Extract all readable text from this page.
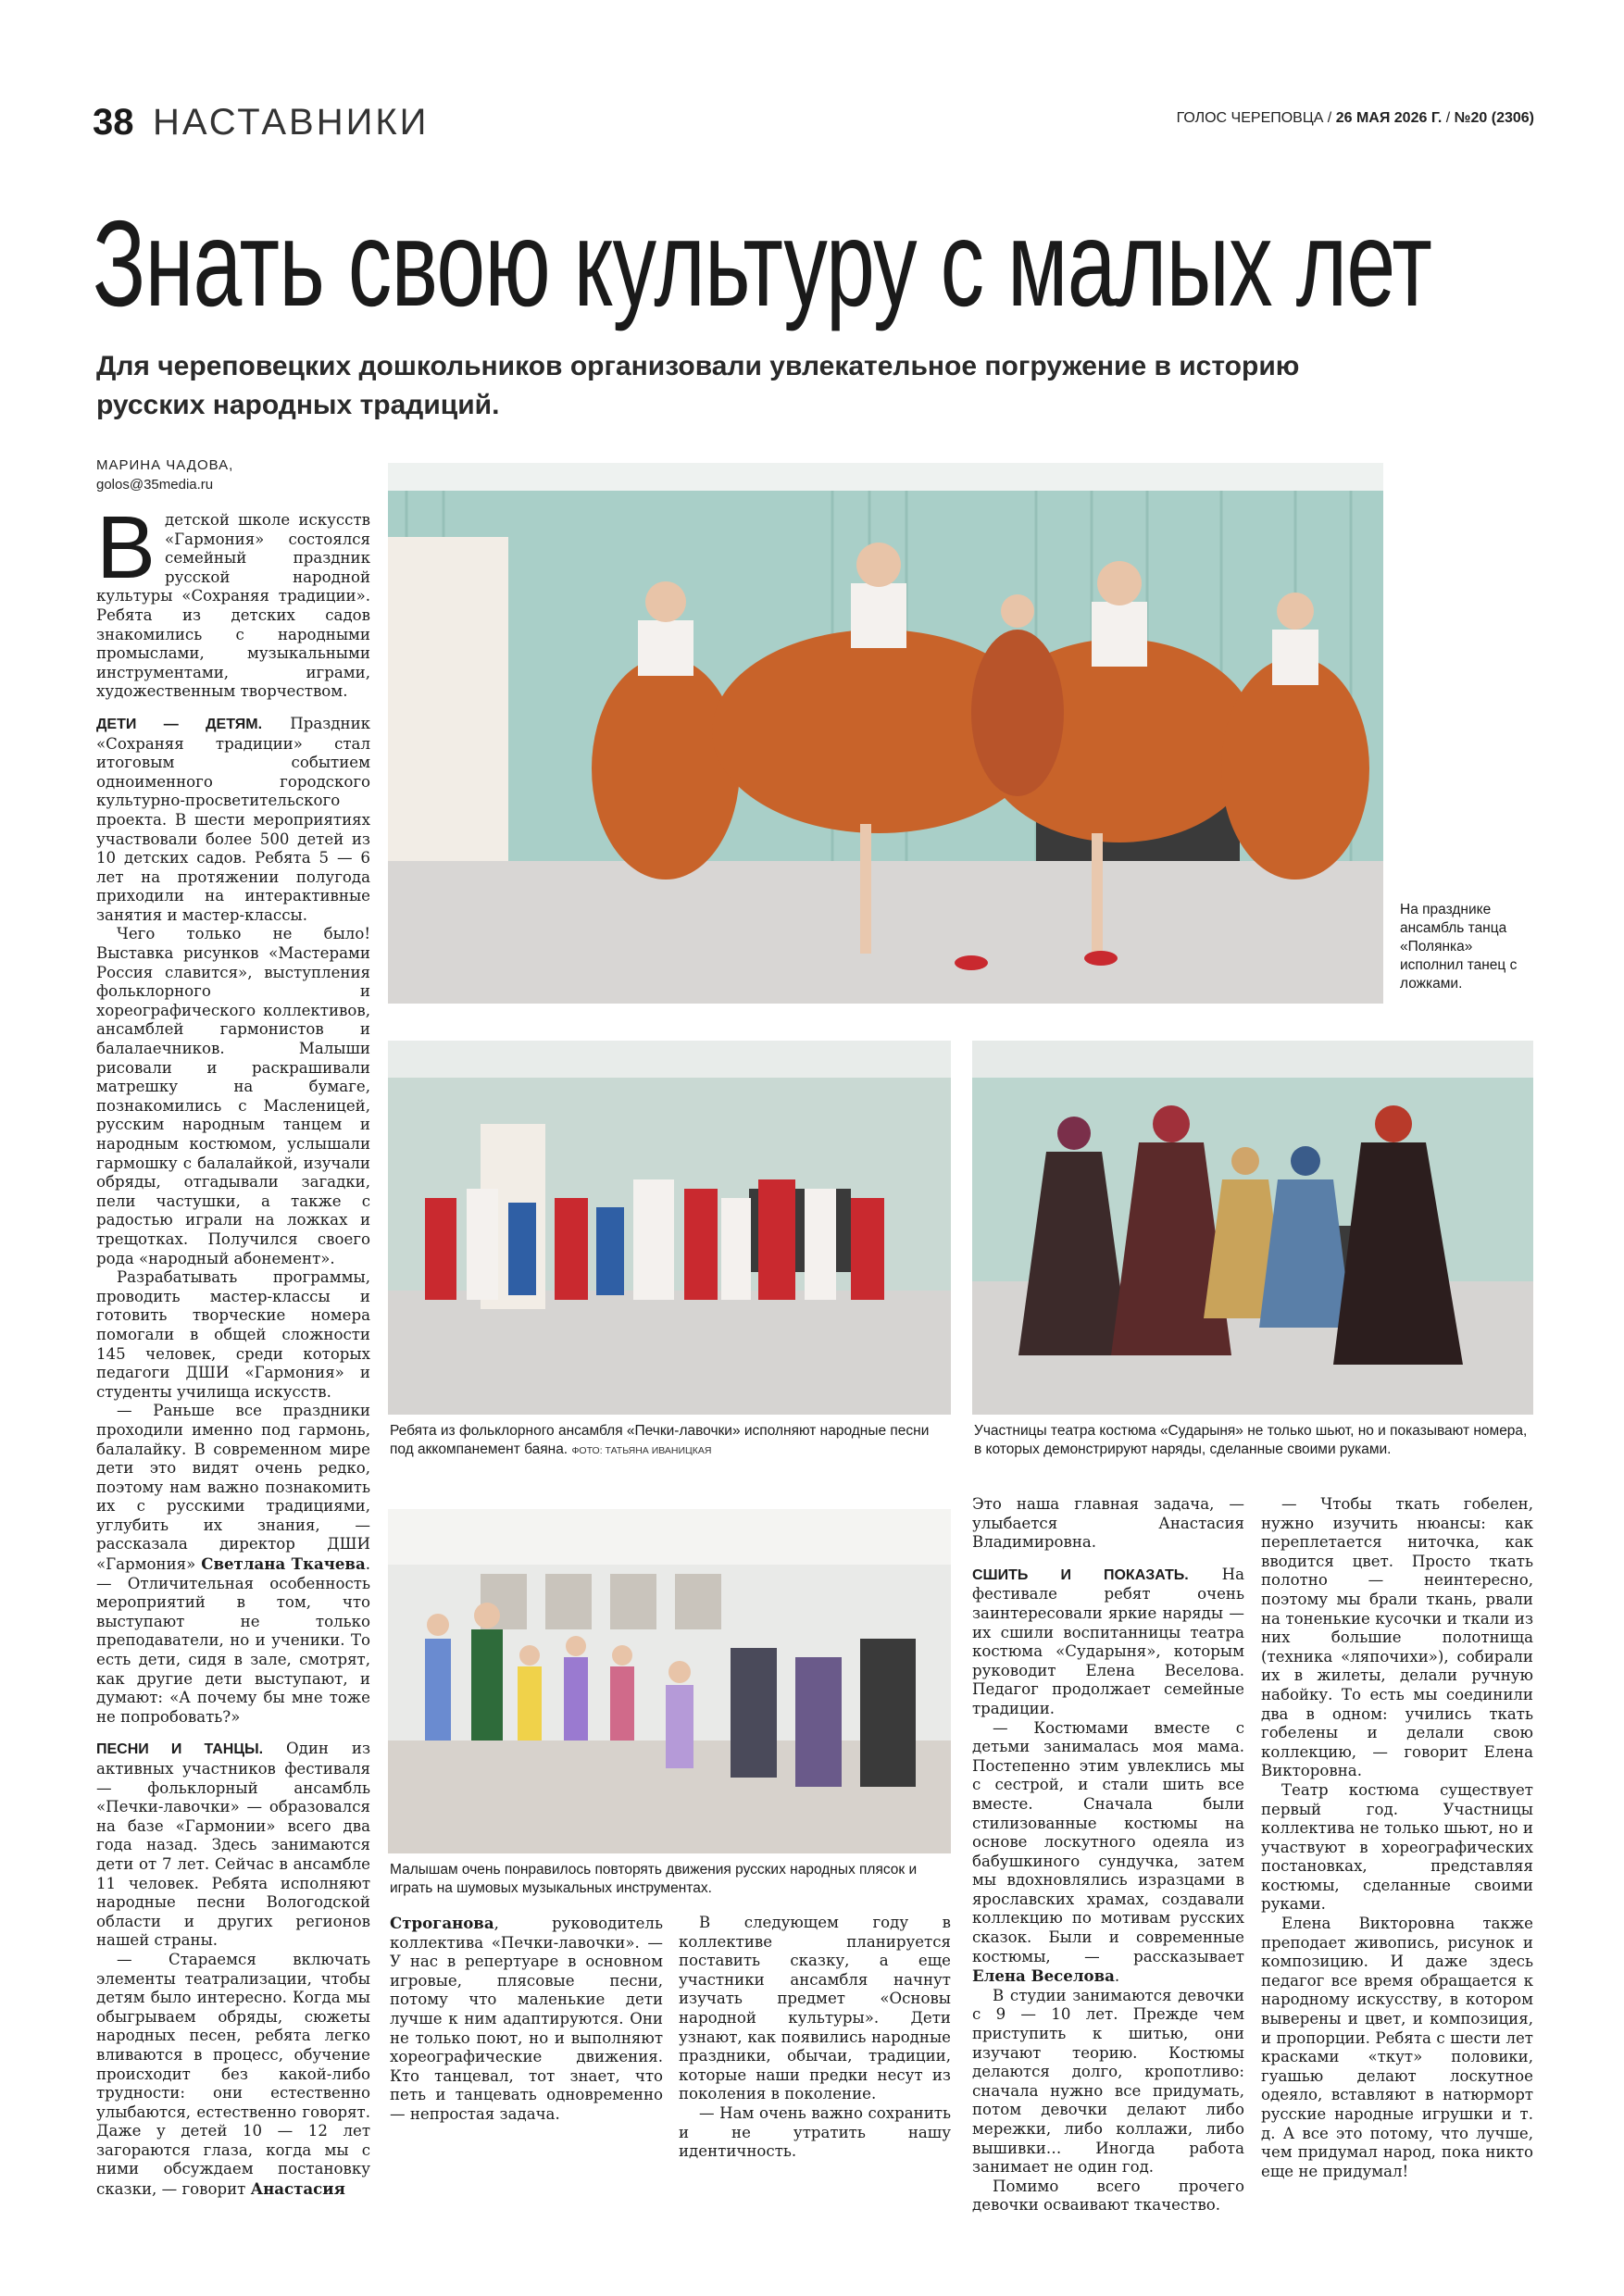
38 НАСТАВНИКИ	ГОЛОС ЧЕРЕПОВЦА / 26 МАЯ 2026 Г. / №20 (2306)
Знать свою культуру с малых лет
Для череповецких дошкольников организовали увлекательное погружение в историю русских народных традиций.
МАРИНА ЧАДОВА,
golos@35media.ru
В детской школе искусств «Гармония» состоялся семейный праздник русской народной культуры «Сохраняя традиции». Ребята из детских садов знакомились с народными промыслами, музыкальными инструментами, играми, художественным творчеством.

ДЕТИ — ДЕТЯМ. Праздник «Сохраняя традиции» стал итоговым событием одноименного городского культурно-просветительского проекта. В шести мероприятиях участвовали более 500 детей из 10 детских садов. Ребята 5 — 6 лет на протяжении полугода приходили на интерактивные занятия и мастер-классы.

Чего только не было! Выставка рисунков «Мастерами Россия славится», выступления фольклорного и хореографического коллективов, ансамблей гармонистов и балалаечников. Малыши рисовали и раскрашивали матрешку на бумаге, познакомились с Масленицей, русским народным танцем и народным костюмом, услышали гармошку с балалайкой, изучали обряды, отгадывали загадки, пели частушки, а также с радостью играли на ложках и трещотках. Получился своего рода «народный абонемент».

Разрабатывать программы, проводить мастер-классы и готовить творческие номера помогали в общей сложности 145 человек, среди которых педагоги ДШИ «Гармония» и студенты училища искусств.

— Раньше все праздники проходили именно под гармонь, балалайку. В современном мире дети это видят очень редко, поэтому нам важно познакомить их с русскими традициями, углубить их знания, — рассказала директор ДШИ «Гармония» Светлана Ткачева. — Отличительная особенность мероприятий в том, что выступают не только преподаватели, но и ученики. То есть дети, сидя в зале, смотрят, как другие дети выступают, и думают: «А почему бы мне тоже не попробовать?»

ПЕСНИ И ТАНЦЫ. Один из активных участников фестиваля — фольклорный ансамбль «Печки-лавочки» — образовался на базе «Гармонии» всего два года назад. Здесь занимаются дети от 7 лет. Сейчас в ансамбле 11 человек. Ребята исполняют народные песни Вологодской области и других регионов нашей страны.

— Стараемся включать элементы театрализации, чтобы детям было интересно. Когда мы обыгрываем обряды, сюжеты народных песен, ребята легко вливаются в процесс, обучение происходит без какой-либо трудности: они естественно улыбаются, естественно говорят. Даже у детей 10 — 12 лет загораются глаза, когда мы с ними обсуждаем постановку сказки, — говорит Анастасия

На празднике ансамбль танца «Полянка» исполнил танец с ложками.
Ребята из фольклорного ансамбля «Печки-лавочки» исполняют народные песни под аккомпанемент баяна. ФОТО: ТАТЬЯНА ИВАНИЦКАЯ
Участницы театра костюма «Сударыня» не только шьют, но и показывают номера, в которых демонстрируют наряды, сделанные своими руками.
Малышам очень понравилось повторять движения русских народных плясок и играть на шумовых музыкальных инструментах.

Строганова, руководитель коллектива «Печки-лавочки». — У нас в репертуаре в основном игровые, плясовые песни, потому что маленькие дети лучше к ним адаптируются. Они не только поют, но и выполняют хореографические движения. Кто танцевал, тот знает, что петь и танцевать одновременно — непростая задача.

В следующем году в коллективе планируется поставить сказку, а еще участники ансамбля начнут изучать предмет «Основы народной культуры». Дети узнают, как появились народные праздники, обычаи, традиции, которые наши предки несут из поколения в поколение.

— Нам очень важно сохранить и не утратить нашу идентичность.

Это наша главная задача, — улыбается Анастасия Владимировна.

СШИТЬ И ПОКАЗАТЬ. На фестивале ребят очень заинтересовали яркие наряды — их сшили воспитанницы театра костюма «Сударыня», которым руководит Елена Веселова. Педагог продолжает семейные традиции.

— Костюмами вместе с детьми занималась моя мама. Постепенно этим увлеклись мы с сестрой, и стали шить все вместе. Сначала были стилизованные костюмы на основе лоскутного одеяла из бабушкиного сундучка, затем мы вдохновлялись изразцами в ярославских храмах, создавали коллекцию по мотивам русских сказок. Были и современные костюмы, — рассказывает Елена Веселова.

В студии занимаются девочки с 9 — 10 лет. Прежде чем приступить к шитью, они изучают теорию. Костюмы делаются долго, кропотливо: сначала нужно все придумать, потом девочки делают либо мережки, либо коллажи, либо вышивки… Иногда работа занимает не один год.

Помимо всего прочего девочки осваивают ткачество.

— Чтобы ткать гобелен, нужно изучить нюансы: как переплетается ниточка, как вводится цвет. Просто ткать полотно — неинтересно, поэтому мы брали ткань, рвали на тоненькие кусочки и ткали из них большие полотнища (техника «ляпочихи»), собирали их в жилеты, делали ручную набойку. То есть мы соединили два в одном: учились ткать гобелены и делали свою коллекцию, — говорит Елена Викторовна.

Театр костюма существует первый год. Участницы коллектива не только шьют, но и участвуют в хореографических постановках, представляя костюмы, сделанные своими руками.

Елена Викторовна также преподает живопись, рисунок и композицию. И даже здесь педагог все время обращается к народному искусству, в котором выверены и цвет, и композиция, и пропорции. Ребята с шести лет красками «ткут» половики, гуашью делают лоскутное одеяло, вставляют в натюрморт русские народные игрушки и т. д. А все это потому, что лучше, чем придумал народ, пока никто еще не придумал!
